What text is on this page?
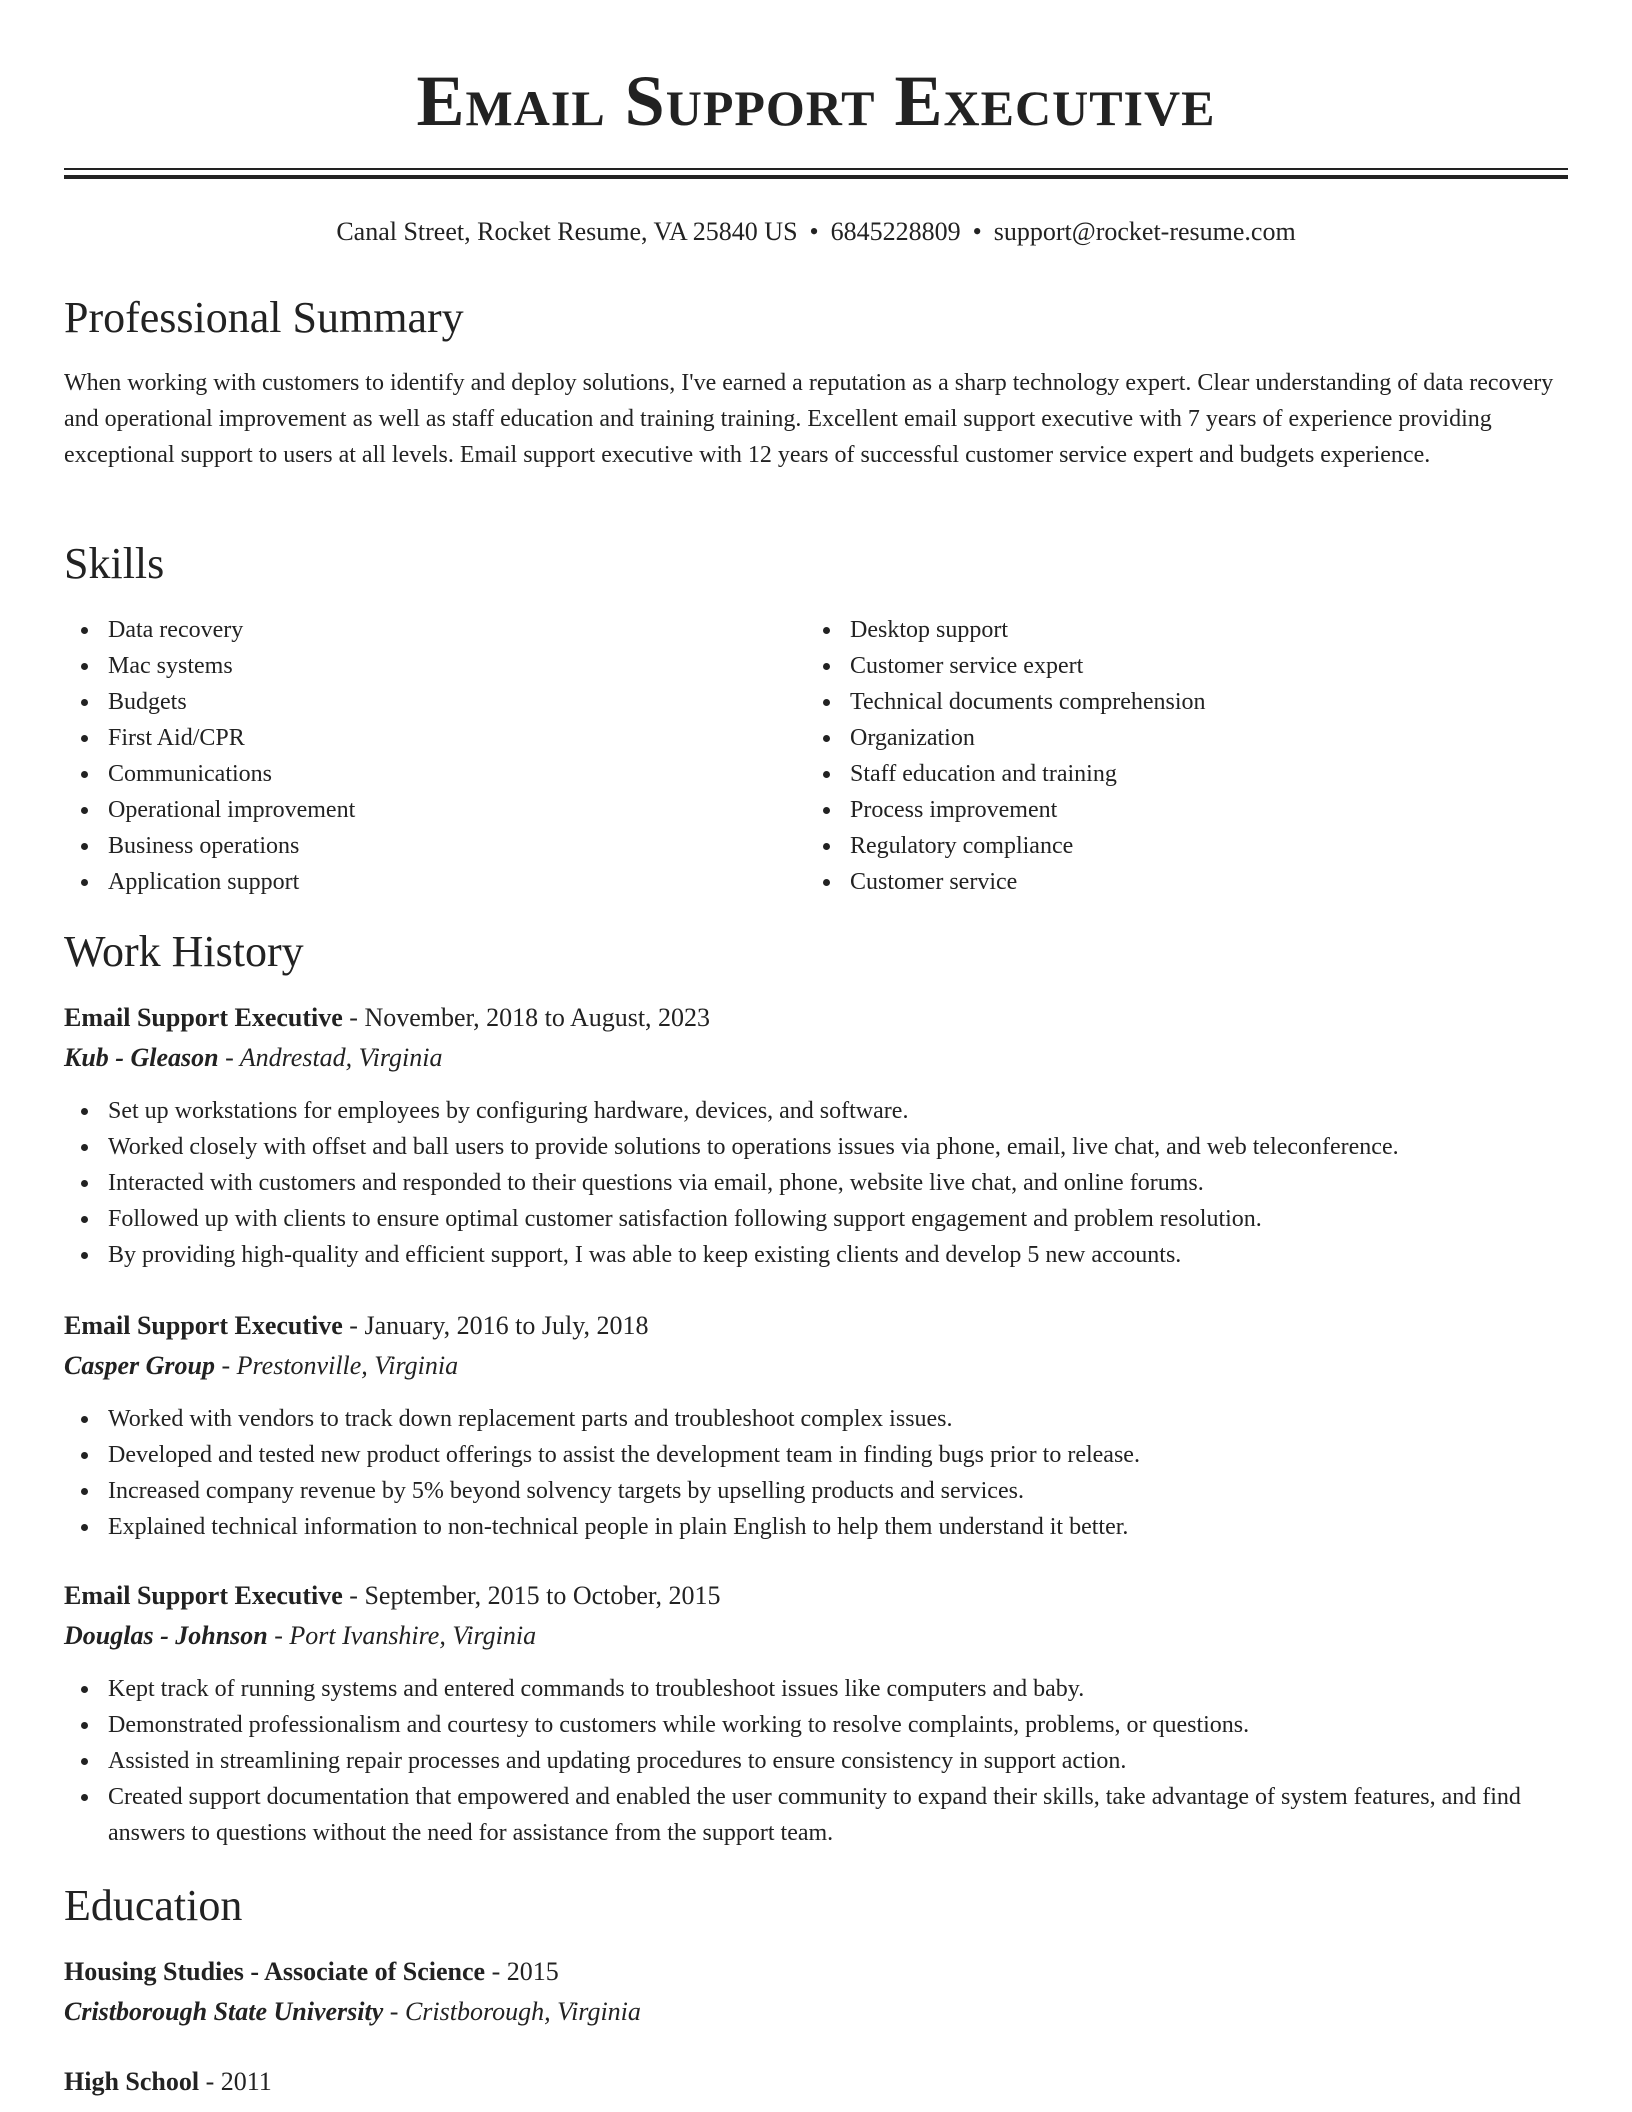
Email Support Executive
Canal Street, Rocket Resume, VA 25840 US • 6845228809 • support@rocket-resume.com
Professional Summary

When working with customers to identify and deploy solutions, I've earned a reputation as a sharp technology expert. Clear understanding of data recovery and operational improvement as well as staff education and training training. Excellent email support executive with 7 years of experience providing exceptional support to users at all levels. Email support executive with 12 years of successful customer service expert and budgets experience.

Skills
Data recovery
Mac systems
Budgets
First Aid/CPR
Communications
Operational improvement
Business operations
Application support
Desktop support
Customer service expert
Technical documents comprehension
Organization
Staff education and training
Process improvement
Regulatory compliance
Customer service
Work History

Email Support Executive - November, 2018 to August, 2023

Kub - Gleason - Andrestad, Virginia

Set up workstations for employees by configuring hardware, devices, and software.
Worked closely with offset and ball users to provide solutions to operations issues via phone, email, live chat, and web teleconference.
Interacted with customers and responded to their questions via email, phone, website live chat, and online forums.
Followed up with clients to ensure optimal customer satisfaction following support engagement and problem resolution.
By providing high-quality and efficient support, I was able to keep existing clients and develop 5 new accounts.

Email Support Executive - January, 2016 to July, 2018

Casper Group - Prestonville, Virginia

Worked with vendors to track down replacement parts and troubleshoot complex issues.
Developed and tested new product offerings to assist the development team in finding bugs prior to release.
Increased company revenue by 5% beyond solvency targets by upselling products and services.
Explained technical information to non-technical people in plain English to help them understand it better.

Email Support Executive - September, 2015 to October, 2015

Douglas - Johnson - Port Ivanshire, Virginia

Kept track of running systems and entered commands to troubleshoot issues like computers and baby.
Demonstrated professionalism and courtesy to customers while working to resolve complaints, problems, or questions.
Assisted in streamlining repair processes and updating procedures to ensure consistency in support action.
Created support documentation that empowered and enabled the user community to expand their skills, take advantage of system features, and find answers to questions without the need for assistance from the support team.
Education

Housing Studies - Associate of Science - 2015

Cristborough State University - Cristborough, Virginia

High School - 2011
